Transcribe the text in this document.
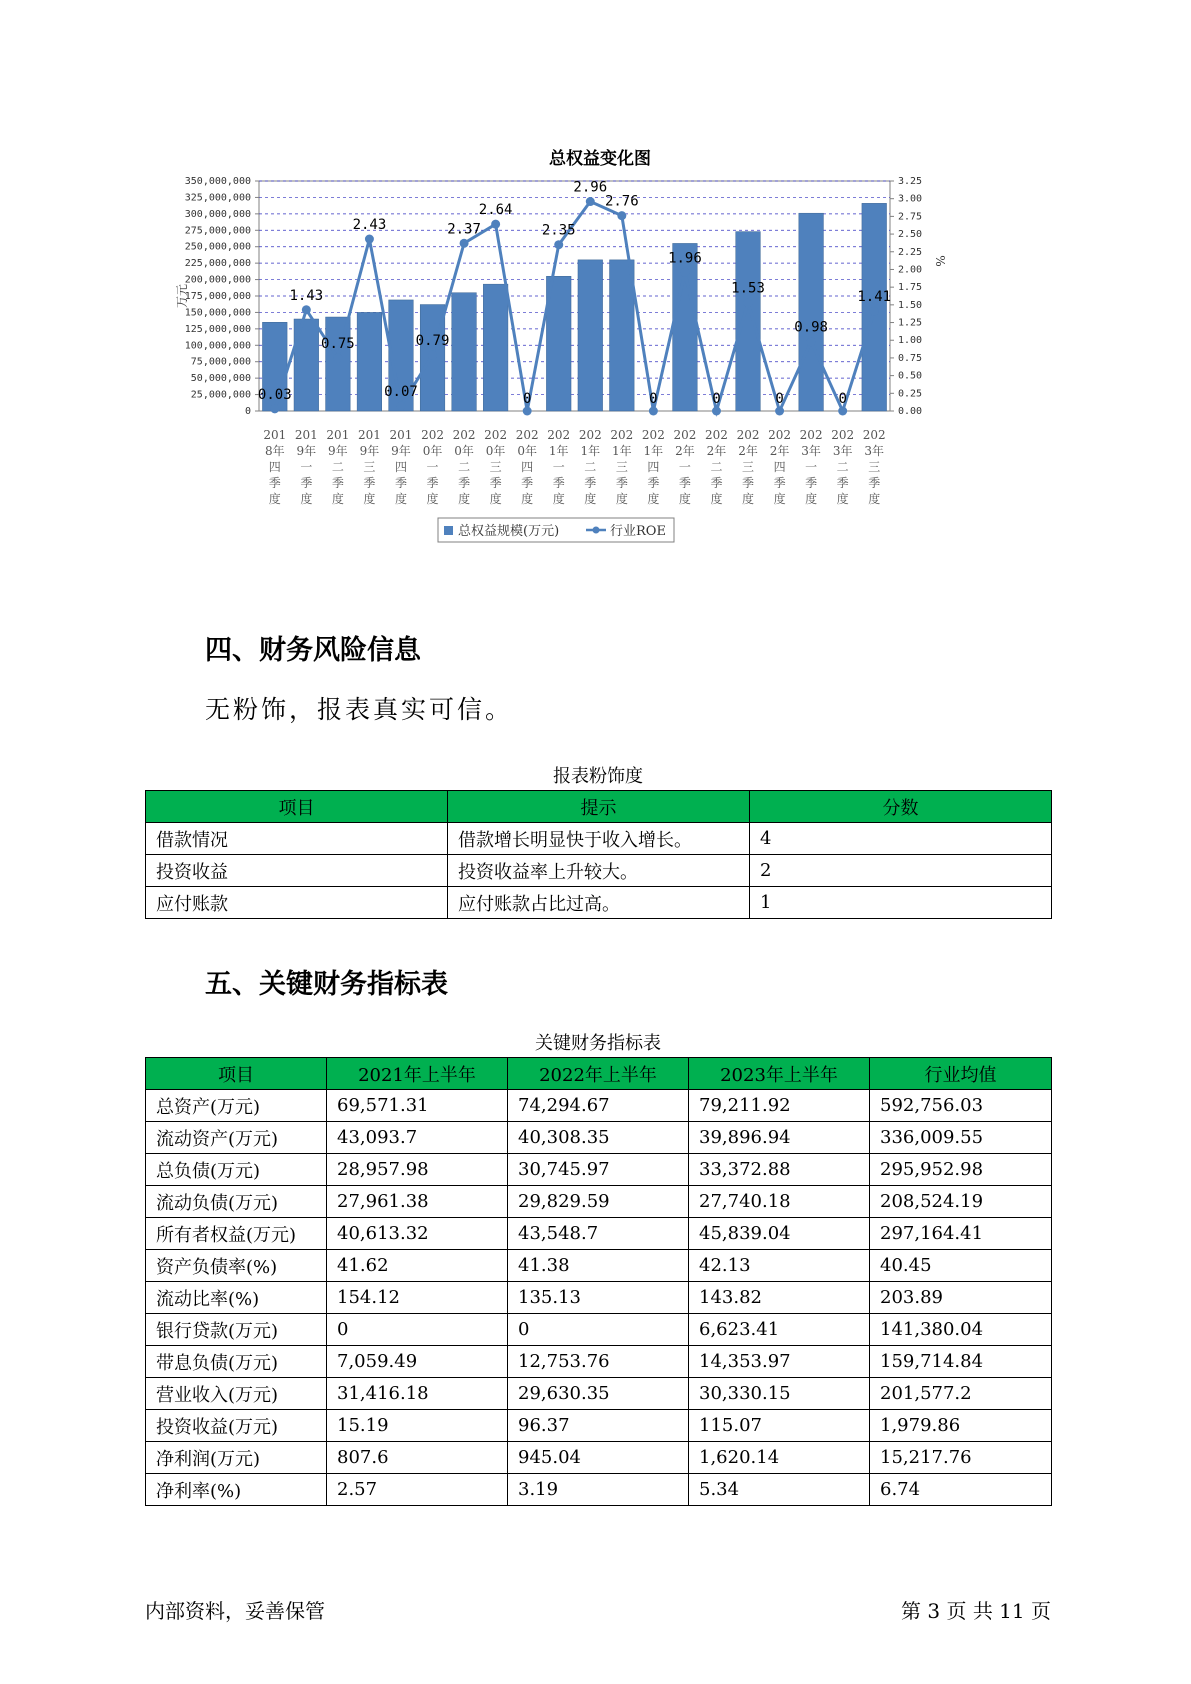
总权益变化图
350,000,000
325,000,000
300,000,000
275,000,000
250,000,000
225,000,000
200,000,000
175,000,000
150,000,000
125,000,000
100,000,000
75,000,000
50,000,000
25,000,000
0
3.25
3.00
2.75
2.50
2.25
2.00
1.75
1.50
1.25
1.00
0.75
0.50
0.25
0.00
万元
%
0.03
1.43
0.75
2.43
0.07
0.79
2.37
2.64
0
2.35
2.96
2.76
0
1.96
0
1.53
0
0.98
0
1.41
201
8年
四
季
度
201
9年
一
季
度
201
9年
二
季
度
201
9年
三
季
度
201
9年
四
季
度
202
0年
一
季
度
202
0年
二
季
度
202
0年
三
季
度
202
0年
四
季
度
202
1年
一
季
度
202
1年
二
季
度
202
1年
三
季
度
202
1年
四
季
度
202
2年
一
季
度
202
2年
二
季
度
202
2年
三
季
度
202
2年
四
季
度
202
3年
一
季
度
202
3年
二
季
度
202
3年
三
季
度
总权益规模(万元)	行业ROE
四、财务风险信息

无粉饰，报表真实可信。

报表粉饰度
项目	提示	分数
借款情况	借款增长明显快于收入增长。	4
投资收益	投资收益率上升较大。	2
应付账款	应付账款占比过高。	1
五、关键财务指标表
关键财务指标表
项目	2021年上半年	2022年上半年	2023年上半年	行业均值
总资产(万元)	69,571.31	74,294.67	79,211.92	592,756.03
流动资产(万元)	43,093.7	40,308.35	39,896.94	336,009.55
总负债(万元)	28,957.98	30,745.97	33,372.88	295,952.98
流动负债(万元)	27,961.38	29,829.59	27,740.18	208,524.19
所有者权益(万元)	40,613.32	43,548.7	45,839.04	297,164.41
资产负债率(%)	41.62	41.38	42.13	40.45
流动比率(%)	154.12	135.13	143.82	203.89
银行贷款(万元)	0	0	6,623.41	141,380.04
带息负债(万元)	7,059.49	12,753.76	14,353.97	159,714.84
营业收入(万元)	31,416.18	29,630.35	30,330.15	201,577.2
投资收益(万元)	15.19	96.37	115.07	1,979.86
净利润(万元)	807.6	945.04	1,620.14	15,217.76
净利率(%)	2.57	3.19	5.34	6.74
内部资料，妥善保管	第 3 页 共 11 页
